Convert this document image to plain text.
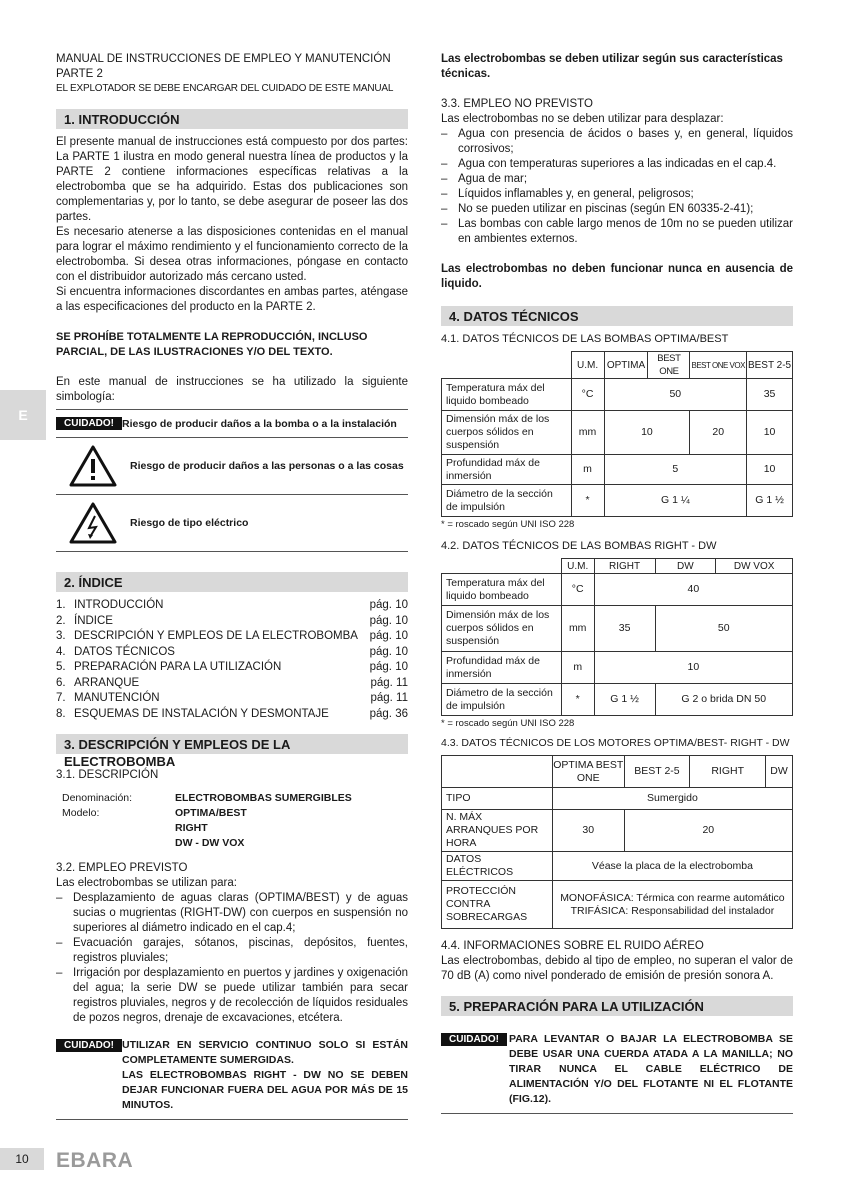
E
MANUAL DE INSTRUCCIONES DE EMPLEO Y MANUTENCIÓN
PARTE 2
EL EXPLOTADOR SE DEBE ENCARGAR DEL CUIDADO DE ESTE MANUAL
1. INTRODUCCIÓN

El presente manual de instrucciones está compuesto por dos partes: La PARTE 1 ilustra en modo general nuestra línea de productos y la PARTE 2 contiene informaciones específicas relativas a la electrobomba que se ha adquirido. Estas dos publicaciones son complementarias y, por lo tanto, se debe asegurar de poseer las dos partes.

Es necesario atenerse a las disposiciones contenidas en el manual para lograr el máximo rendimiento y el funcionamiento correcto de la electrobomba. Si desea otras informaciones, póngase en contacto con el distribuidor autorizado más cercano usted.

Si encuentra informaciones discordantes en ambas partes, aténgase a las especificaciones del producto en la PARTE 2.

SE PROHÍBE TOTALMENTE LA REPRODUCCIÓN, INCLUSO PARCIAL, DE LAS ILUSTRACIONES Y/O DEL TEXTO.

En este manual de instrucciones se ha utilizado la siguiente simbología:

CUIDADO! Riesgo de producir daños a la bomba o a la instalación
Riesgo de producir daños a las personas o a las cosas
Riesgo de tipo eléctrico
2. ÍNDICE
1. INTRODUCCIÓN	pág. 10
2. ÍNDICE	pág. 10
3. DESCRIPCIÓN Y EMPLEOS DE LA ELECTROBOMBA pág. 10
4. DATOS TÉCNICOS	pág. 10
5. PREPARACIÓN PARA LA UTILIZACIÓN	pág. 10
6. ARRANQUE	pág. 11
7. MANUTENCIÓN	pág. 11
8. ESQUEMAS DE INSTALACIÓN Y DESMONTAJE	pág. 36
3. DESCRIPCIÓN Y EMPLEOS DE LA ELECTROBOMBA
3.1. DESCRIPCIÓN
Denominación:	ELECTROBOMBAS SUMERGIBLES
Modelo:	OPTIMA/BEST
RIGHT
DW - DW VOX
3.2. EMPLEO PREVISTO
Las electrobombas se utilizan para:
– Desplazamiento de aguas claras (OPTIMA/BEST) y de aguas sucias o mugrientas (RIGHT-DW) con cuerpos en suspensión no superiores al diámetro indicado en el cap.4;
– Evacuación garajes, sótanos, piscinas, depósitos, fuentes, registros pluviales;
– Irrigación por desplazamiento en puertos y jardines y oxigenación del agua; la serie DW se puede utilizar también para secar registros pluviales, negros y de recolección de líquidos residuales de pozos negros, drenaje de excavaciones, etcétera.
CUIDADO! UTILIZAR EN SERVICIO CONTINUO SOLO SI ESTÁN COMPLETAMENTE SUMERGIDAS.
LAS ELECTROBOMBAS RIGHT - DW NO SE DEBEN DEJAR FUNCIONAR FUERA DEL AGUA POR MÁS DE 15 MINUTOS.

Las electrobombas se deben utilizar según sus características técnicas.

3.3. EMPLEO NO PREVISTO
Las electrobombas no se deben utilizar para desplazar:
– Agua con presencia de ácidos o bases y, en general, líquidos corrosivos;
– Agua con temperaturas superiores a las indicadas en el cap.4.
– Agua de mar;
– Líquidos inflamables y, en general, peligrosos;
– No se pueden utilizar en piscinas (según EN 60335-2-41);
– Las bombas con cable largo menos de 10m no se pueden utilizar en ambientes externos.

Las electrobombas no deben funcionar nunca en ausencia de liquido.

4. DATOS TÉCNICOS
4.1. DATOS TÉCNICOS DE LAS BOMBAS OPTIMA/BEST
	U.M.	OPTIMA	BEST ONE	BEST ONE VOX	BEST 2-5
Temperatura máx del liquido bombeado	°C	50			35
Dimensión máx de los cuerpos sólidos en suspensión	mm	10		20	10
Profundidad máx de inmersión	m	5			10
Diámetro de la sección de impulsión	*	G 1 ¼			G 1 ½
* = roscado según UNI ISO 228
4.2. DATOS TÉCNICOS DE LAS BOMBAS RIGHT - DW
	U.M.	RIGHT	DW	DW VOX
Temperatura máx del liquido bombeado	°C	40		
Dimensión máx de los cuerpos sólidos en suspensión	mm	35	50	
Profundidad máx de inmersión	m	10		
Diámetro de la sección de impulsión	*	G 1 ½	G 2 o brida DN 50	
* = roscado según UNI ISO 228
4.3. DATOS TÉCNICOS DE LOS MOTORES OPTIMA/BEST- RIGHT - DW
	OPTIMA BEST ONE	BEST 2-5	RIGHT	DW
TIPO	Sumergido			
N. MÁX ARRANQUES POR HORA	30	20		
DATOS ELÉCTRICOS	Véase la placa de la electrobomba			
PROTECCIÓN CONTRA SOBRECARGAS	MONOFÁSICA: Térmica con rearme automático
TRIFÁSICA: Responsabilidad del instalador			
4.4. INFORMACIONES SOBRE EL RUIDO AÉREO

Las electrobombas, debido al tipo de empleo, no superan el valor de 70 dB (A) como nivel ponderado de emisión de presión sonora A.

5. PREPARACIÓN PARA LA UTILIZACIÓN
CUIDADO! PARA LEVANTAR O BAJAR LA ELECTROBOMBA SE DEBE USAR UNA CUERDA ATADA A LA MANILLA; NO TIRAR NUNCA EL CABLE ELÉCTRICO DE ALIMENTACIÓN Y/O DEL FLOTANTE NI EL FLOTANTE (FIG.12).
10	EBARA
